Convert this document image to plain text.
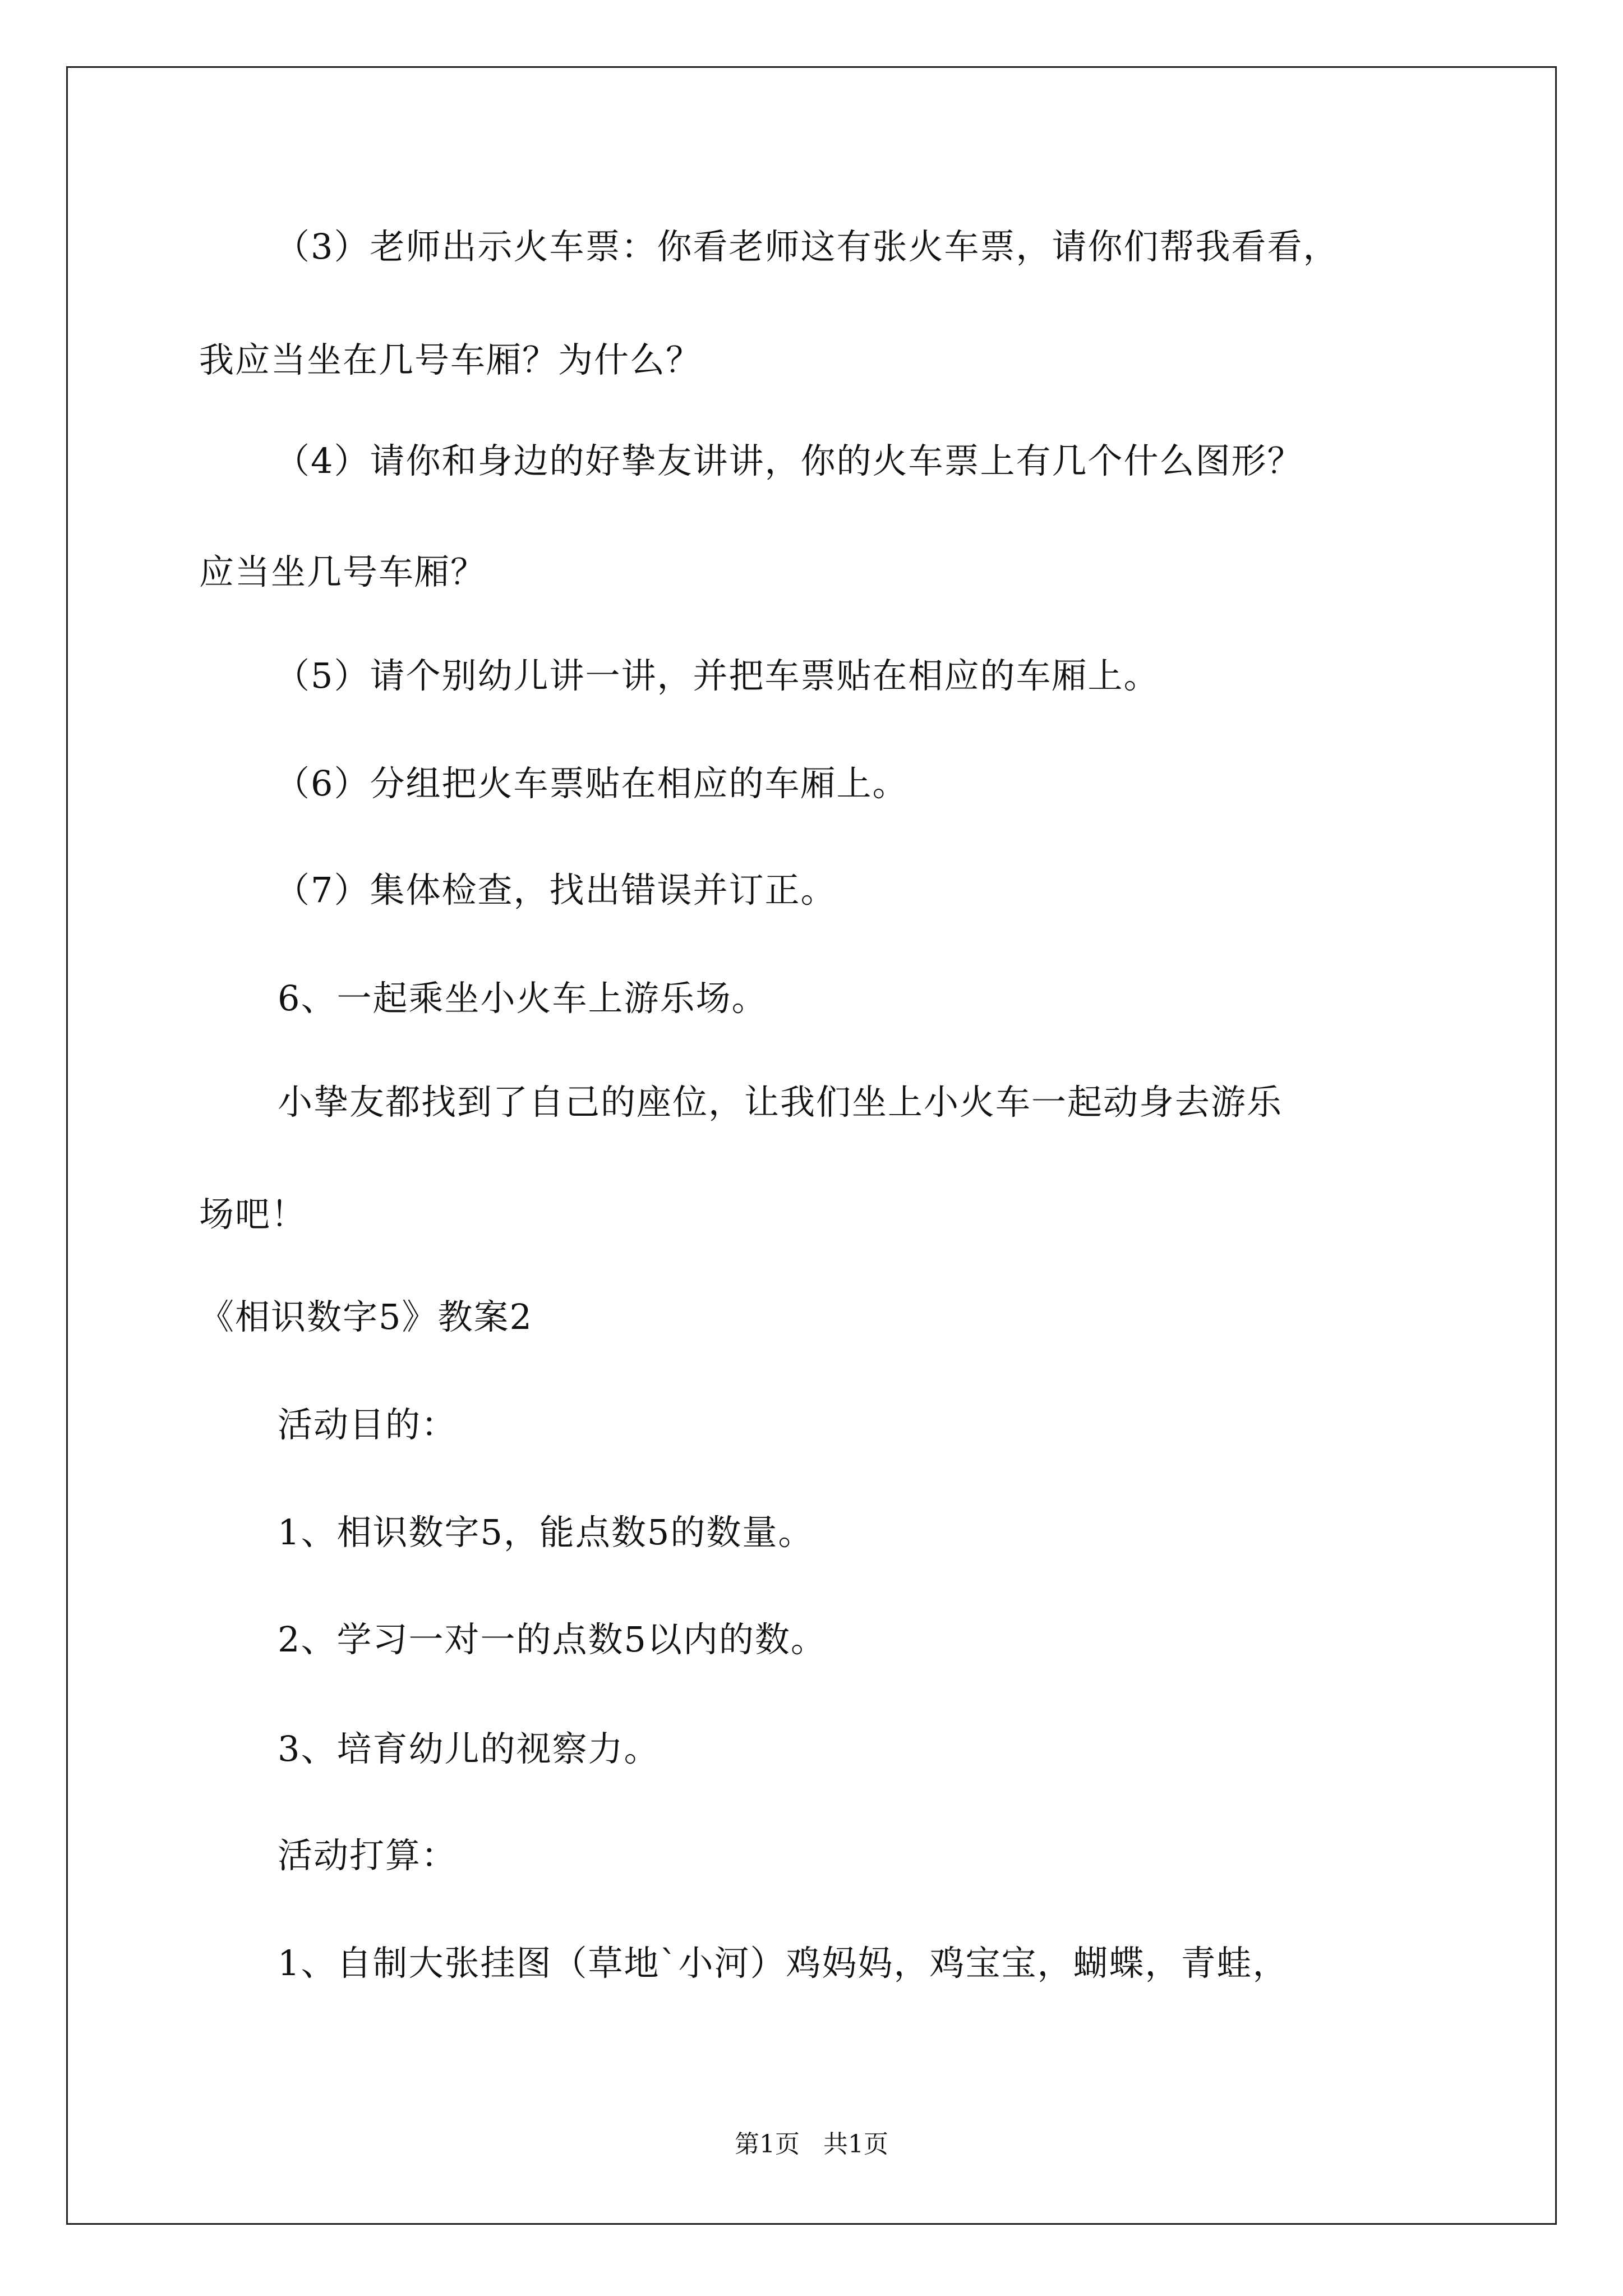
（3）老师出示火车票：你看老师这有张火车票，请你们帮我看看，

我应当坐在几号车厢？为什么？

（4）请你和身边的好挚友讲讲，你的火车票上有几个什么图形？

应当坐几号车厢？

（5）请个别幼儿讲一讲，并把车票贴在相应的车厢上。

（6）分组把火车票贴在相应的车厢上。

（7）集体检查，找出错误并订正。

6、一起乘坐小火车上游乐场。

小挚友都找到了自己的座位，让我们坐上小火车一起动身去游乐

场吧！

《相识数字5》教案2

活动目的：

1、相识数字5，能点数5的数量。

2、学习一对一的点数5以内的数。

3、培育幼儿的视察力。

活动打算：

1、自制大张挂图（草地`小河）鸡妈妈，鸡宝宝，蝴蝶，青蛙，

第1页   共1页
